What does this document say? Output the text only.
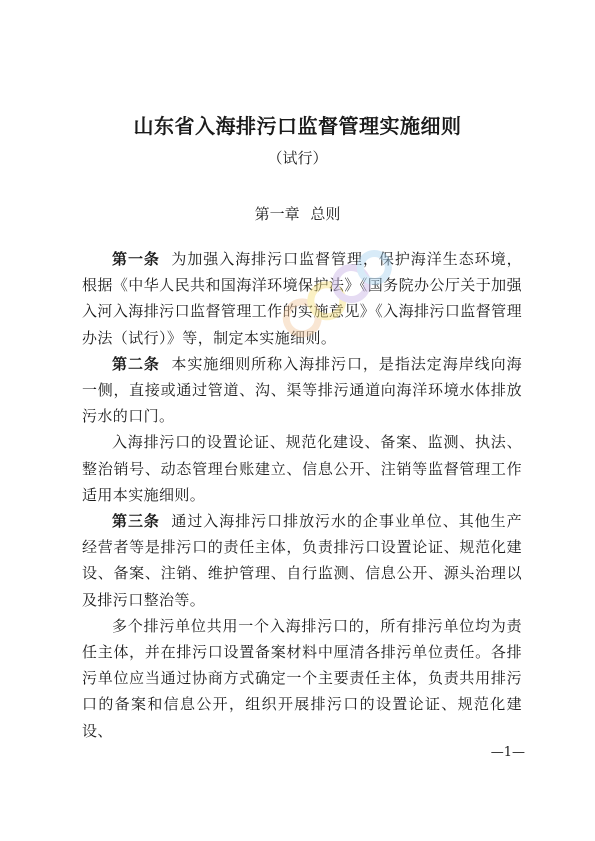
山东省入海排污口监督管理实施细则
（试行）
第一章 总则

第一条 为加强入海排污口监督管理，保护海洋生态环境，根据《中华人民共和国海洋环境保护法》《国务院办公厅关于加强入河入海排污口监督管理工作的实施意见》《入海排污口监督管理办法（试行）》等，制定本实施细则。

第二条 本实施细则所称入海排污口，是指法定海岸线向海一侧，直接或通过管道、沟、渠等排污通道向海洋环境水体排放污水的口门。

入海排污口的设置论证、规范化建设、备案、监测、执法、整治销号、动态管理台账建立、信息公开、注销等监督管理工作适用本实施细则。

第三条 通过入海排污口排放污水的企事业单位、其他生产经营者等是排污口的责任主体，负责排污口设置论证、规范化建设、备案、注销、维护管理、自行监测、信息公开、源头治理以及排污口整治等。

多个排污单位共用一个入海排污口的，所有排污单位均为责任主体，并在排污口设置备案材料中厘清各排污单位责任。各排污单位应当通过协商方式确定一个主要责任主体，负责共用排污口的备案和信息公开，组织开展排污口的设置论证、规范化建设、

—1—
